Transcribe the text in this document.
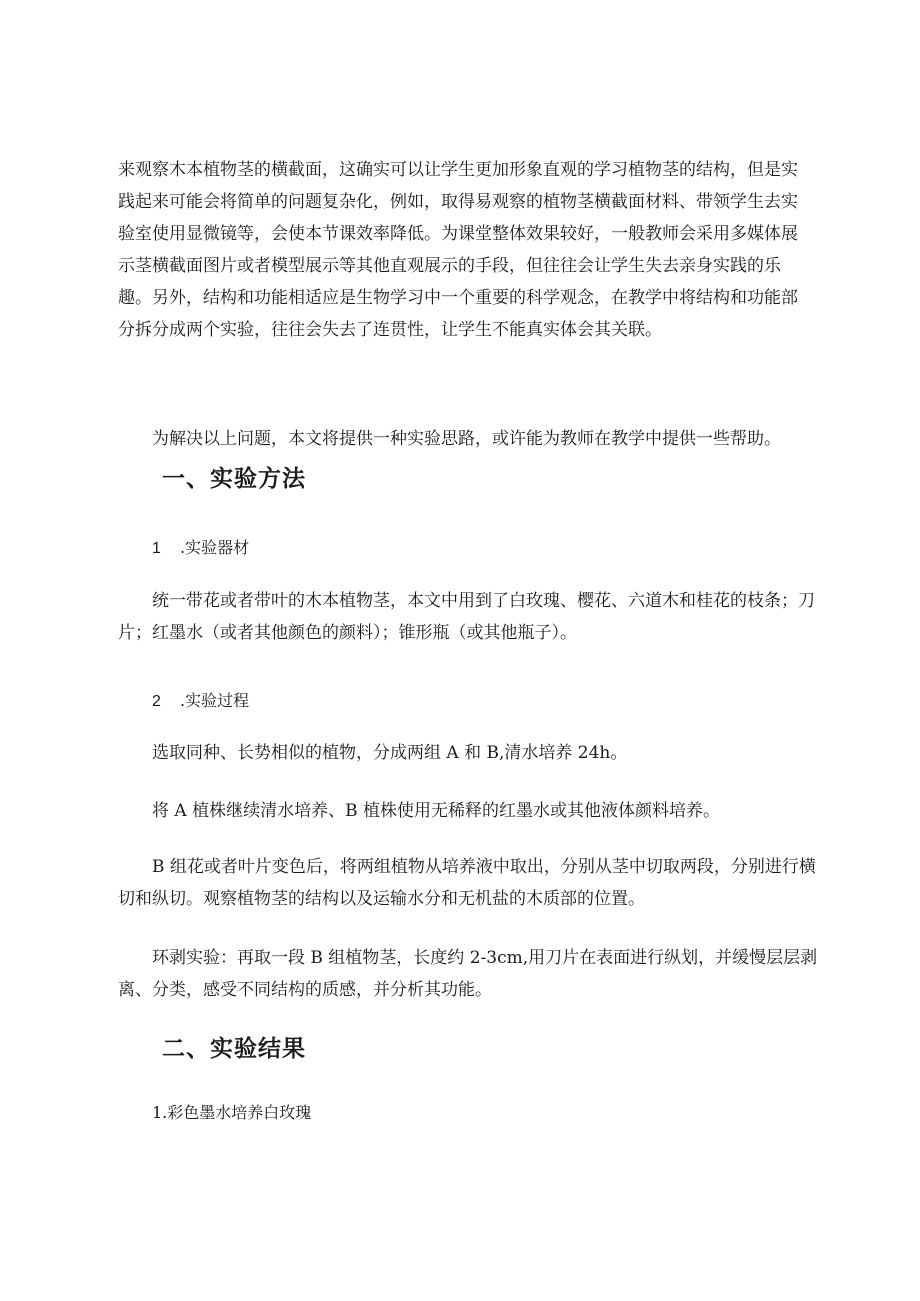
来观察木本植物茎的横截面，这确实可以让学生更加形象直观的学习植物茎的结构，但是实
践起来可能会将简单的问题复杂化，例如，取得易观察的植物茎横截面材料、带领学生去实
验室使用显微镜等，会使本节课效率降低。为课堂整体效果较好，一般教师会采用多媒体展
示茎横截面图片或者模型展示等其他直观展示的手段，但往往会让学生失去亲身实践的乐
趣。另外，结构和功能相适应是生物学习中一个重要的科学观念，在教学中将结构和功能部
分拆分成两个实验，往往会失去了连贯性，让学生不能真实体会其关联。

为解决以上问题，本文将提供一种实验思路，或许能为教师在教学中提供一些帮助。

一、实验方法
1 .实验器材
统一带花或者带叶的木本植物茎，本文中用到了白玫瑰、樱花、六道木和桂花的枝条；刀
片；红墨水（或者其他颜色的颜料）；锥形瓶（或其他瓶子）。
2 .实验过程

选取同种、长势相似的植物，分成两组 A 和 B,清水培养 24h。

将 A 植株继续清水培养、B 植株使用无稀释的红墨水或其他液体颜料培养。

B 组花或者叶片变色后，将两组植物从培养液中取出，分别从茎中切取两段，分别进行横
切和纵切。观察植物茎的结构以及运输水分和无机盐的木质部的位置。
环剥实验：再取一段 B 组植物茎，长度约 2-3cm,用刀片在表面进行纵划，并缓慢层层剥
离、分类，感受不同结构的质感，并分析其功能。
二、实验结果
1.彩色墨水培养白玫瑰
